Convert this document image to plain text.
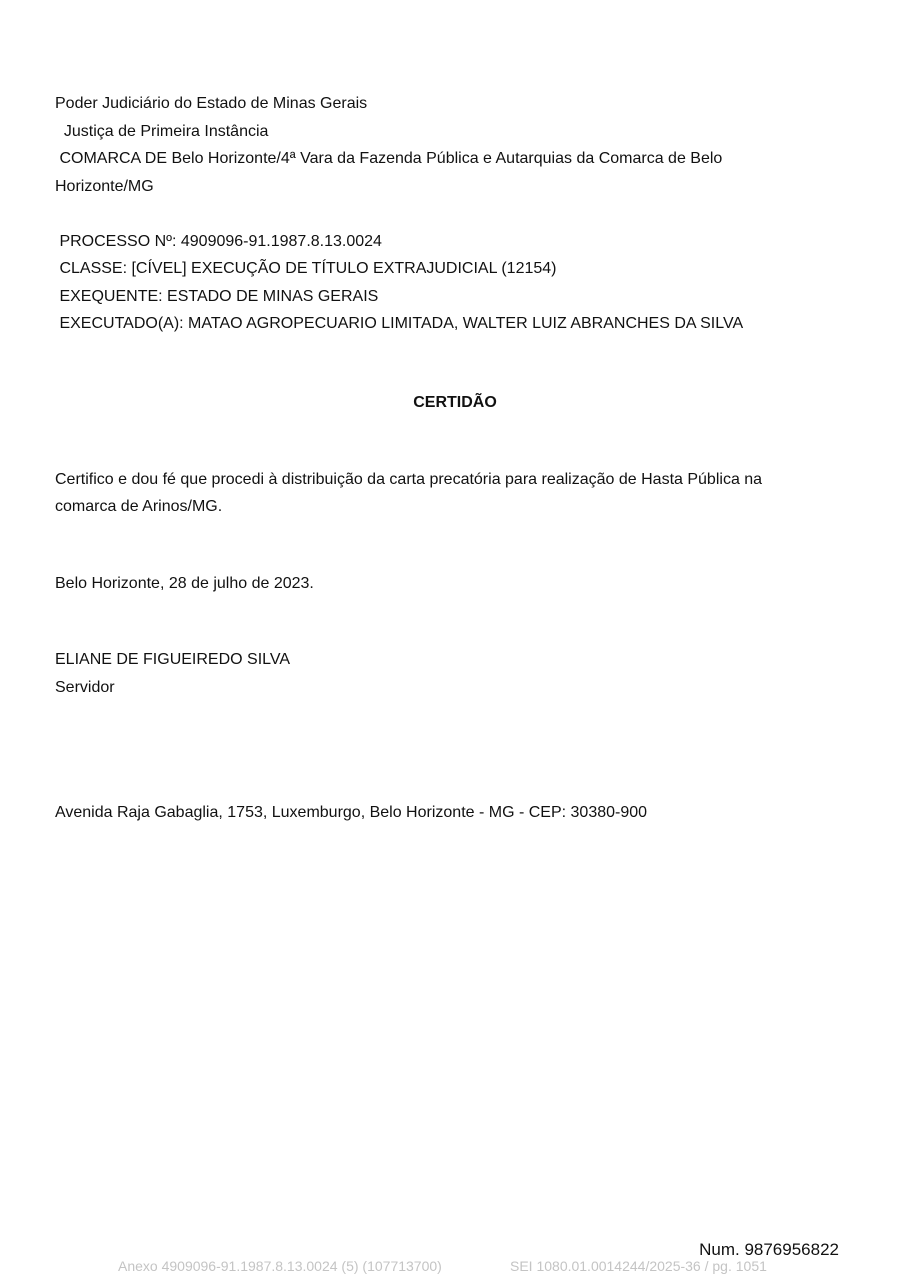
Poder Judiciário do Estado de Minas Gerais
Justiça de Primeira Instância
COMARCA DE Belo Horizonte/4ª Vara da Fazenda Pública e Autarquias da Comarca de Belo
Horizonte/MG
PROCESSO Nº: 4909096-91.1987.8.13.0024
CLASSE: [CÍVEL] EXECUÇÃO DE TÍTULO EXTRAJUDICIAL (12154)
EXEQUENTE: ESTADO DE MINAS GERAIS
EXECUTADO(A): MATAO AGROPECUARIO LIMITADA, WALTER LUIZ ABRANCHES DA SILVA
CERTIDÃO
Certifico e dou fé que procedi à distribuição da carta precatória para realização de Hasta Pública na
comarca de Arinos/MG.
Belo Horizonte, 28 de julho de 2023.
ELIANE DE FIGUEIREDO SILVA
Servidor
Avenida Raja Gabaglia, 1753, Luxemburgo, Belo Horizonte - MG - CEP: 30380-900
Num. 9876956822
Anexo 4909096-91.1987.8.13.0024 (5) (107713700)	SEI 1080.01.0014244/2025-36 / pg. 1051
